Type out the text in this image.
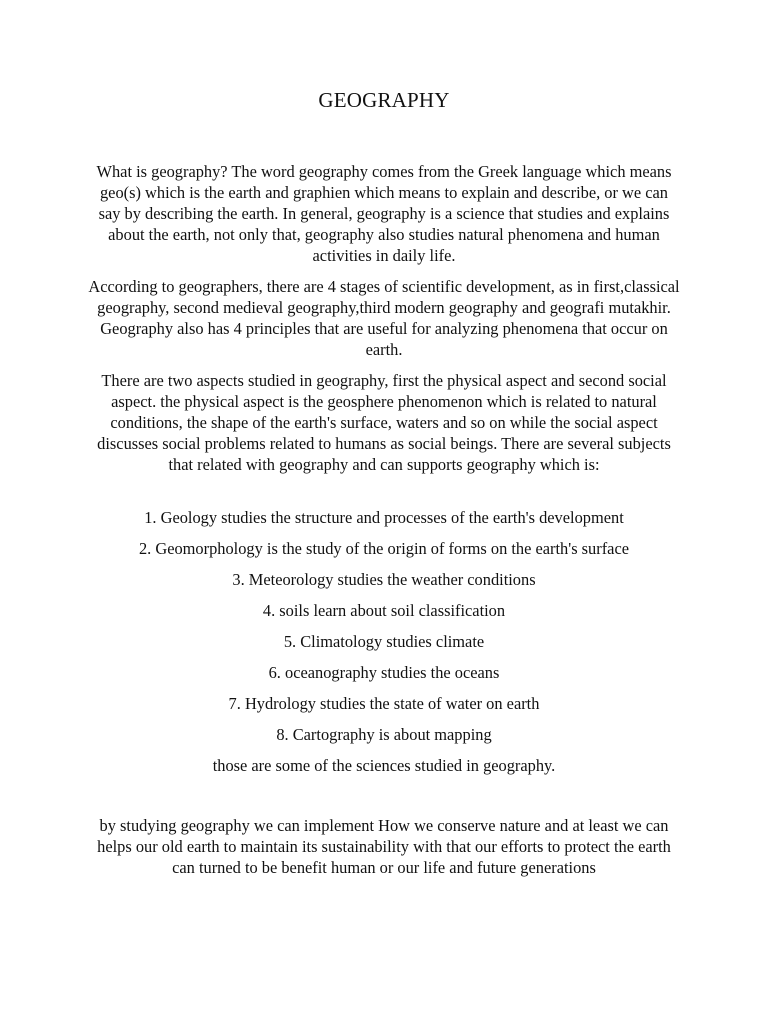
GEOGRAPHY

What is geography? The word geography comes from the Greek language which means geo(s) which is the earth and graphien which means to explain and describe, or we can say by describing the earth. In general, geography is a science that studies and explains about the earth, not only that, geography also studies natural phenomena and human activities in daily life.

According to geographers, there are 4 stages of scientific development, as in first,classical geography, second medieval geography,third modern geography and geografi mutakhir. Geography also has 4 principles that are useful for analyzing phenomena that occur on earth.

There are two aspects studied in geography, first the physical aspect and second social aspect. the physical aspect is the geosphere phenomenon which is related to natural conditions, the shape of the earth's surface, waters and so on while the social aspect discusses social problems related to humans as social beings. There are several subjects that related with geography and can supports geography which is:

1. Geology studies the structure and processes of the earth's development
2. Geomorphology is the study of the origin of forms on the earth's surface
3. Meteorology studies the weather conditions
4. soils learn about soil classification
5. Climatology studies climate
6. oceanography studies the oceans
7. Hydrology studies the state of water on earth
8. Cartography is about mapping
those are some of the sciences studied in geography.

by studying geography we can implement How we conserve nature and at least we can helps our old earth to maintain its sustainability with that our efforts to protect the earth can turned to be benefit human or our life and future generations
